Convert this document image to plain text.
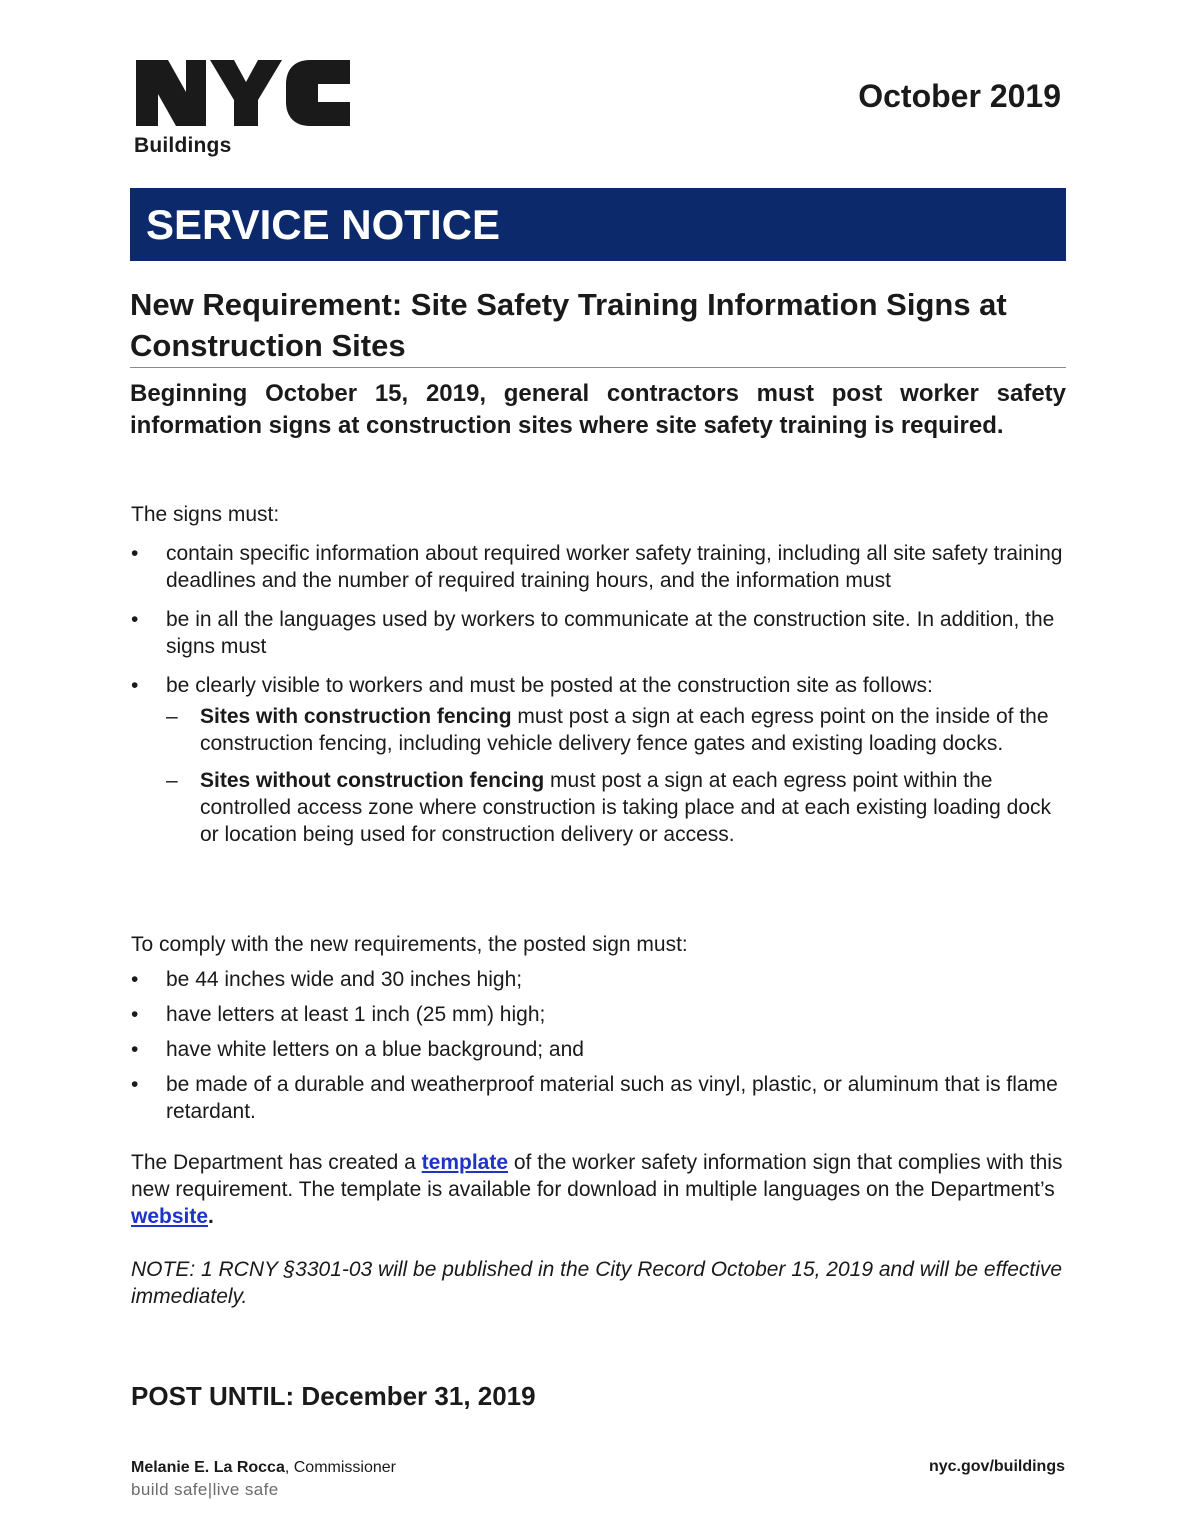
Buildings
October 2019
SERVICE NOTICE
New Requirement: Site Safety Training Information Signs at Construction Sites
Beginning October 15, 2019, general contractors must post worker safety information signs at construction sites where site safety training is required.
The signs must:
• contain specific information about required worker safety training, including all site safety training deadlines and the number of required training hours, and the information must
• be in all the languages used by workers to communicate at the construction site. In addition, the signs must
• be clearly visible to workers and must be posted at the construction site as follows:
– Sites with construction fencing must post a sign at each egress point on the inside of the construction fencing, including vehicle delivery fence gates and existing loading docks.
– Sites without construction fencing must post a sign at each egress point within the controlled access zone where construction is taking place and at each existing loading dock or location being used for construction delivery or access.
To comply with the new requirements, the posted sign must:
• be 44 inches wide and 30 inches high;
• have letters at least 1 inch (25 mm) high;
• have white letters on a blue background; and
• be made of a durable and weatherproof material such as vinyl, plastic, or aluminum that is flame retardant.
The Department has created a template of the worker safety information sign that complies with this new requirement. The template is available for download in multiple languages on the Department’s website.
NOTE: 1 RCNY §3301-03 will be published in the City Record October 15, 2019 and will be effective immediately.
POST UNTIL: December 31, 2019
Melanie E. La Rocca, Commissioner
build safe|live safe
nyc.gov/buildings
